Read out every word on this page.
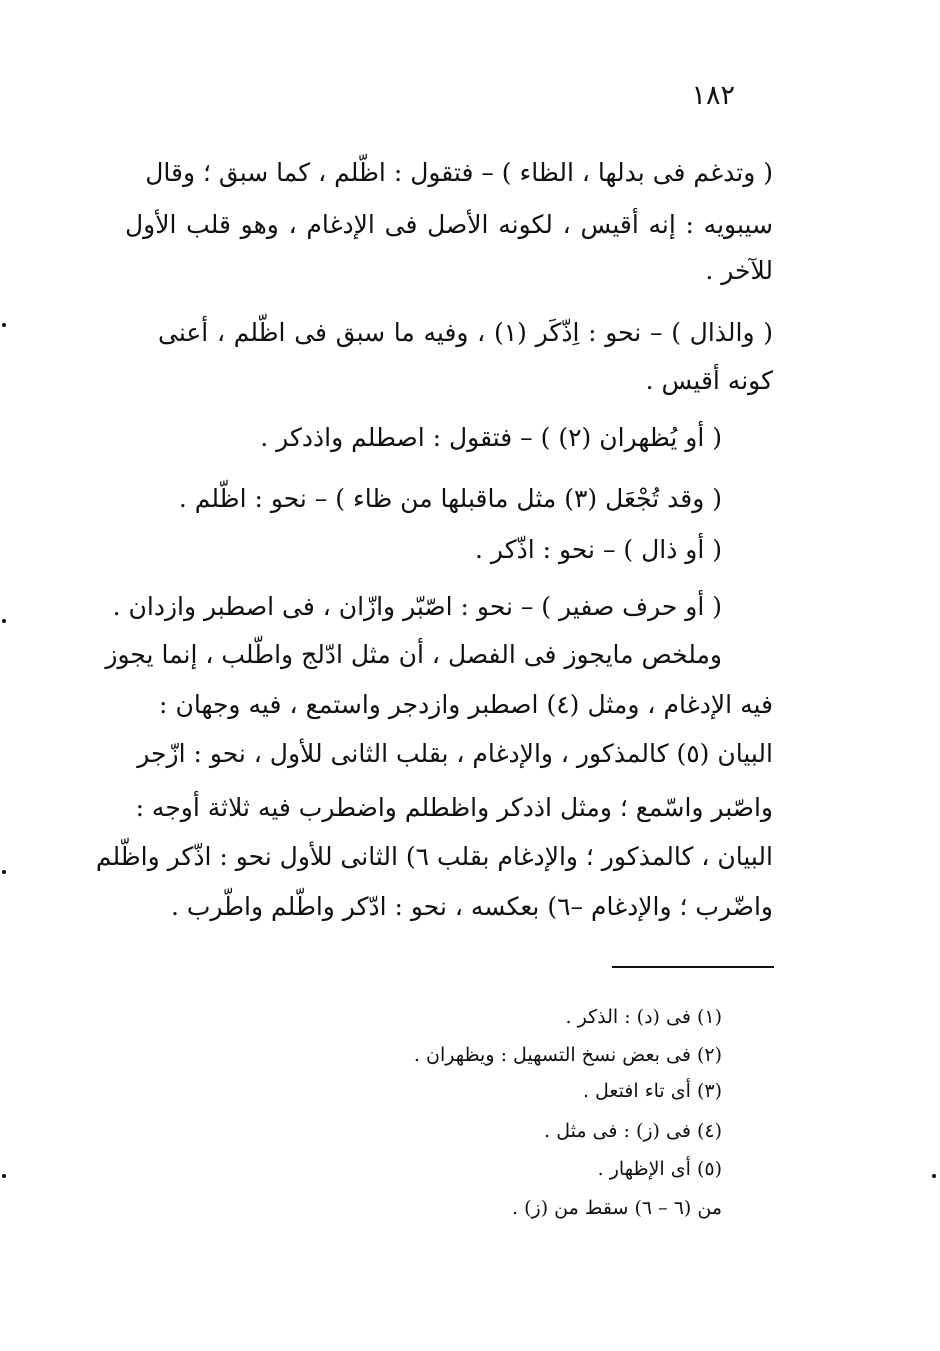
١٨٢
( وتدغم فى بدلها ، الظاء ) – فتقول : اظّلم ، كما سبق ؛ وقال
سيبويه : إنه أقيس ، لكونه الأصل فى الإدغام ، وهو قلب الأول
للآخر .
( والذال ) – نحو : اِذّكَر (١) ، وفيه ما سبق فى اظّلم ، أعنى
كونه أقيس .
( أو يُظهران (٢) ) – فتقول : اصطلم واذدكر .
( وقد تُجْعَل (٣) مثل ماقبلها من ظاء ) – نحو : اظّلم .
( أو ذال ) – نحو : اذّكر .
( أو حرف صفير ) – نحو : اصّبّر وازّان ، فى اصطبر وازدان .
وملخص مايجوز فى الفصل ، أن مثل ادّلج واطّلب ، إنما يجوز
فيه الإدغام ، ومثل (٤) اصطبر وازدجر واستمع ، فيه وجهان :
البيان (٥) كالمذكور ، والإدغام ، بقلب الثانى للأول ، نحو : ازّجر
واصّبر واسّمع ؛ ومثل اذدكر واظطلم واضطرب فيه ثلاثة أوجه :
البيان ، كالمذكور ؛ والإدغام بقلب ٦) الثانى للأول نحو : اذّكر واظّلم
واضّرب ؛ والإدغام –٦) بعكسه ، نحو : ادّكر واطّلم واطّرب .
(١) فى (د) : الذكر .
(٢) فى بعض نسخ التسهيل : ويظهران .
(٣) أى تاء افتعل .
(٤) فى (ز) : فى مثل .
(٥) أى الإظهار .
من (٦ – ٦) سقط من (ز) .
